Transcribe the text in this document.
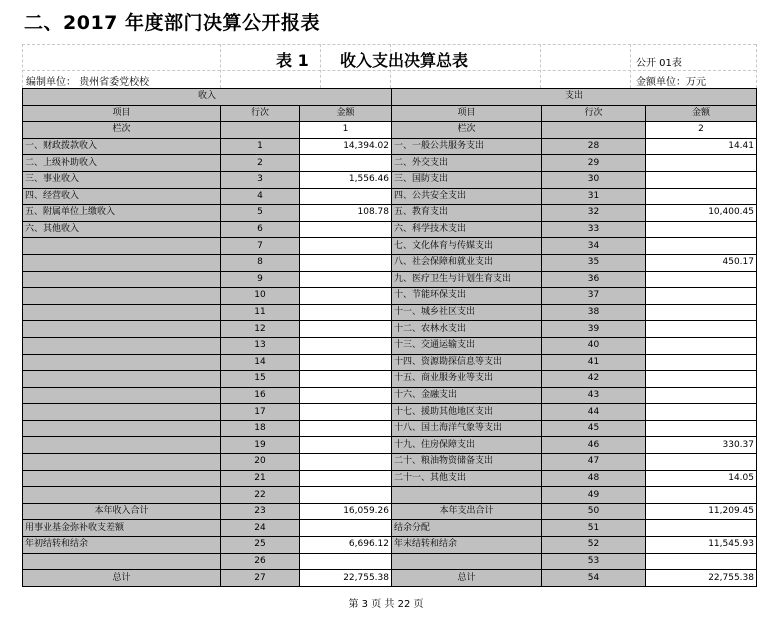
二、2017 年度部门决算公开报表
表 1 收入支出决算总表	公开 01表
编制单位： 贵州省委党校校	金额单位：万元
收入			支出		
项目	行次	金额	项目	行次	金额
栏次		1	栏次		2
一、财政拨款收入	1	14,394.02	一、一般公共服务支出	28	14.41
二、上级补助收入	2		二、外交支出	29	
三、事业收入	3	1,556.46	三、国防支出	30	
四、经营收入	4		四、公共安全支出	31	
五、附属单位上缴收入	5	108.78	五、教育支出	32	10,400.45
六、其他收入	6		六、科学技术支出	33	
	7		七、文化体育与传媒支出	34	
	8		八、社会保障和就业支出	35	450.17
	9		九、医疗卫生与计划生育支出	36	
	10		十、节能环保支出	37	
	11		十一、城乡社区支出	38	
	12		十二、农林水支出	39	
	13		十三、交通运输支出	40	
	14		十四、资源勘探信息等支出	41	
	15		十五、商业服务业等支出	42	
	16		十六、金融支出	43	
	17		十七、援助其他地区支出	44	
	18		十八、国土海洋气象等支出	45	
	19		十九、住房保障支出	46	330.37
	20		二十、粮油物资储备支出	47	
	21		二十一、其他支出	48	14.05
	22			49	
本年收入合计	23	16,059.26	本年支出合计	50	11,209.45
用事业基金弥补收支差额	24		结余分配	51	
年初结转和结余	25	6,696.12	年末结转和结余	52	11,545.93
	26			53	
总计	27	22,755.38	总计	54	22,755.38
第 3 页 共 22 页
